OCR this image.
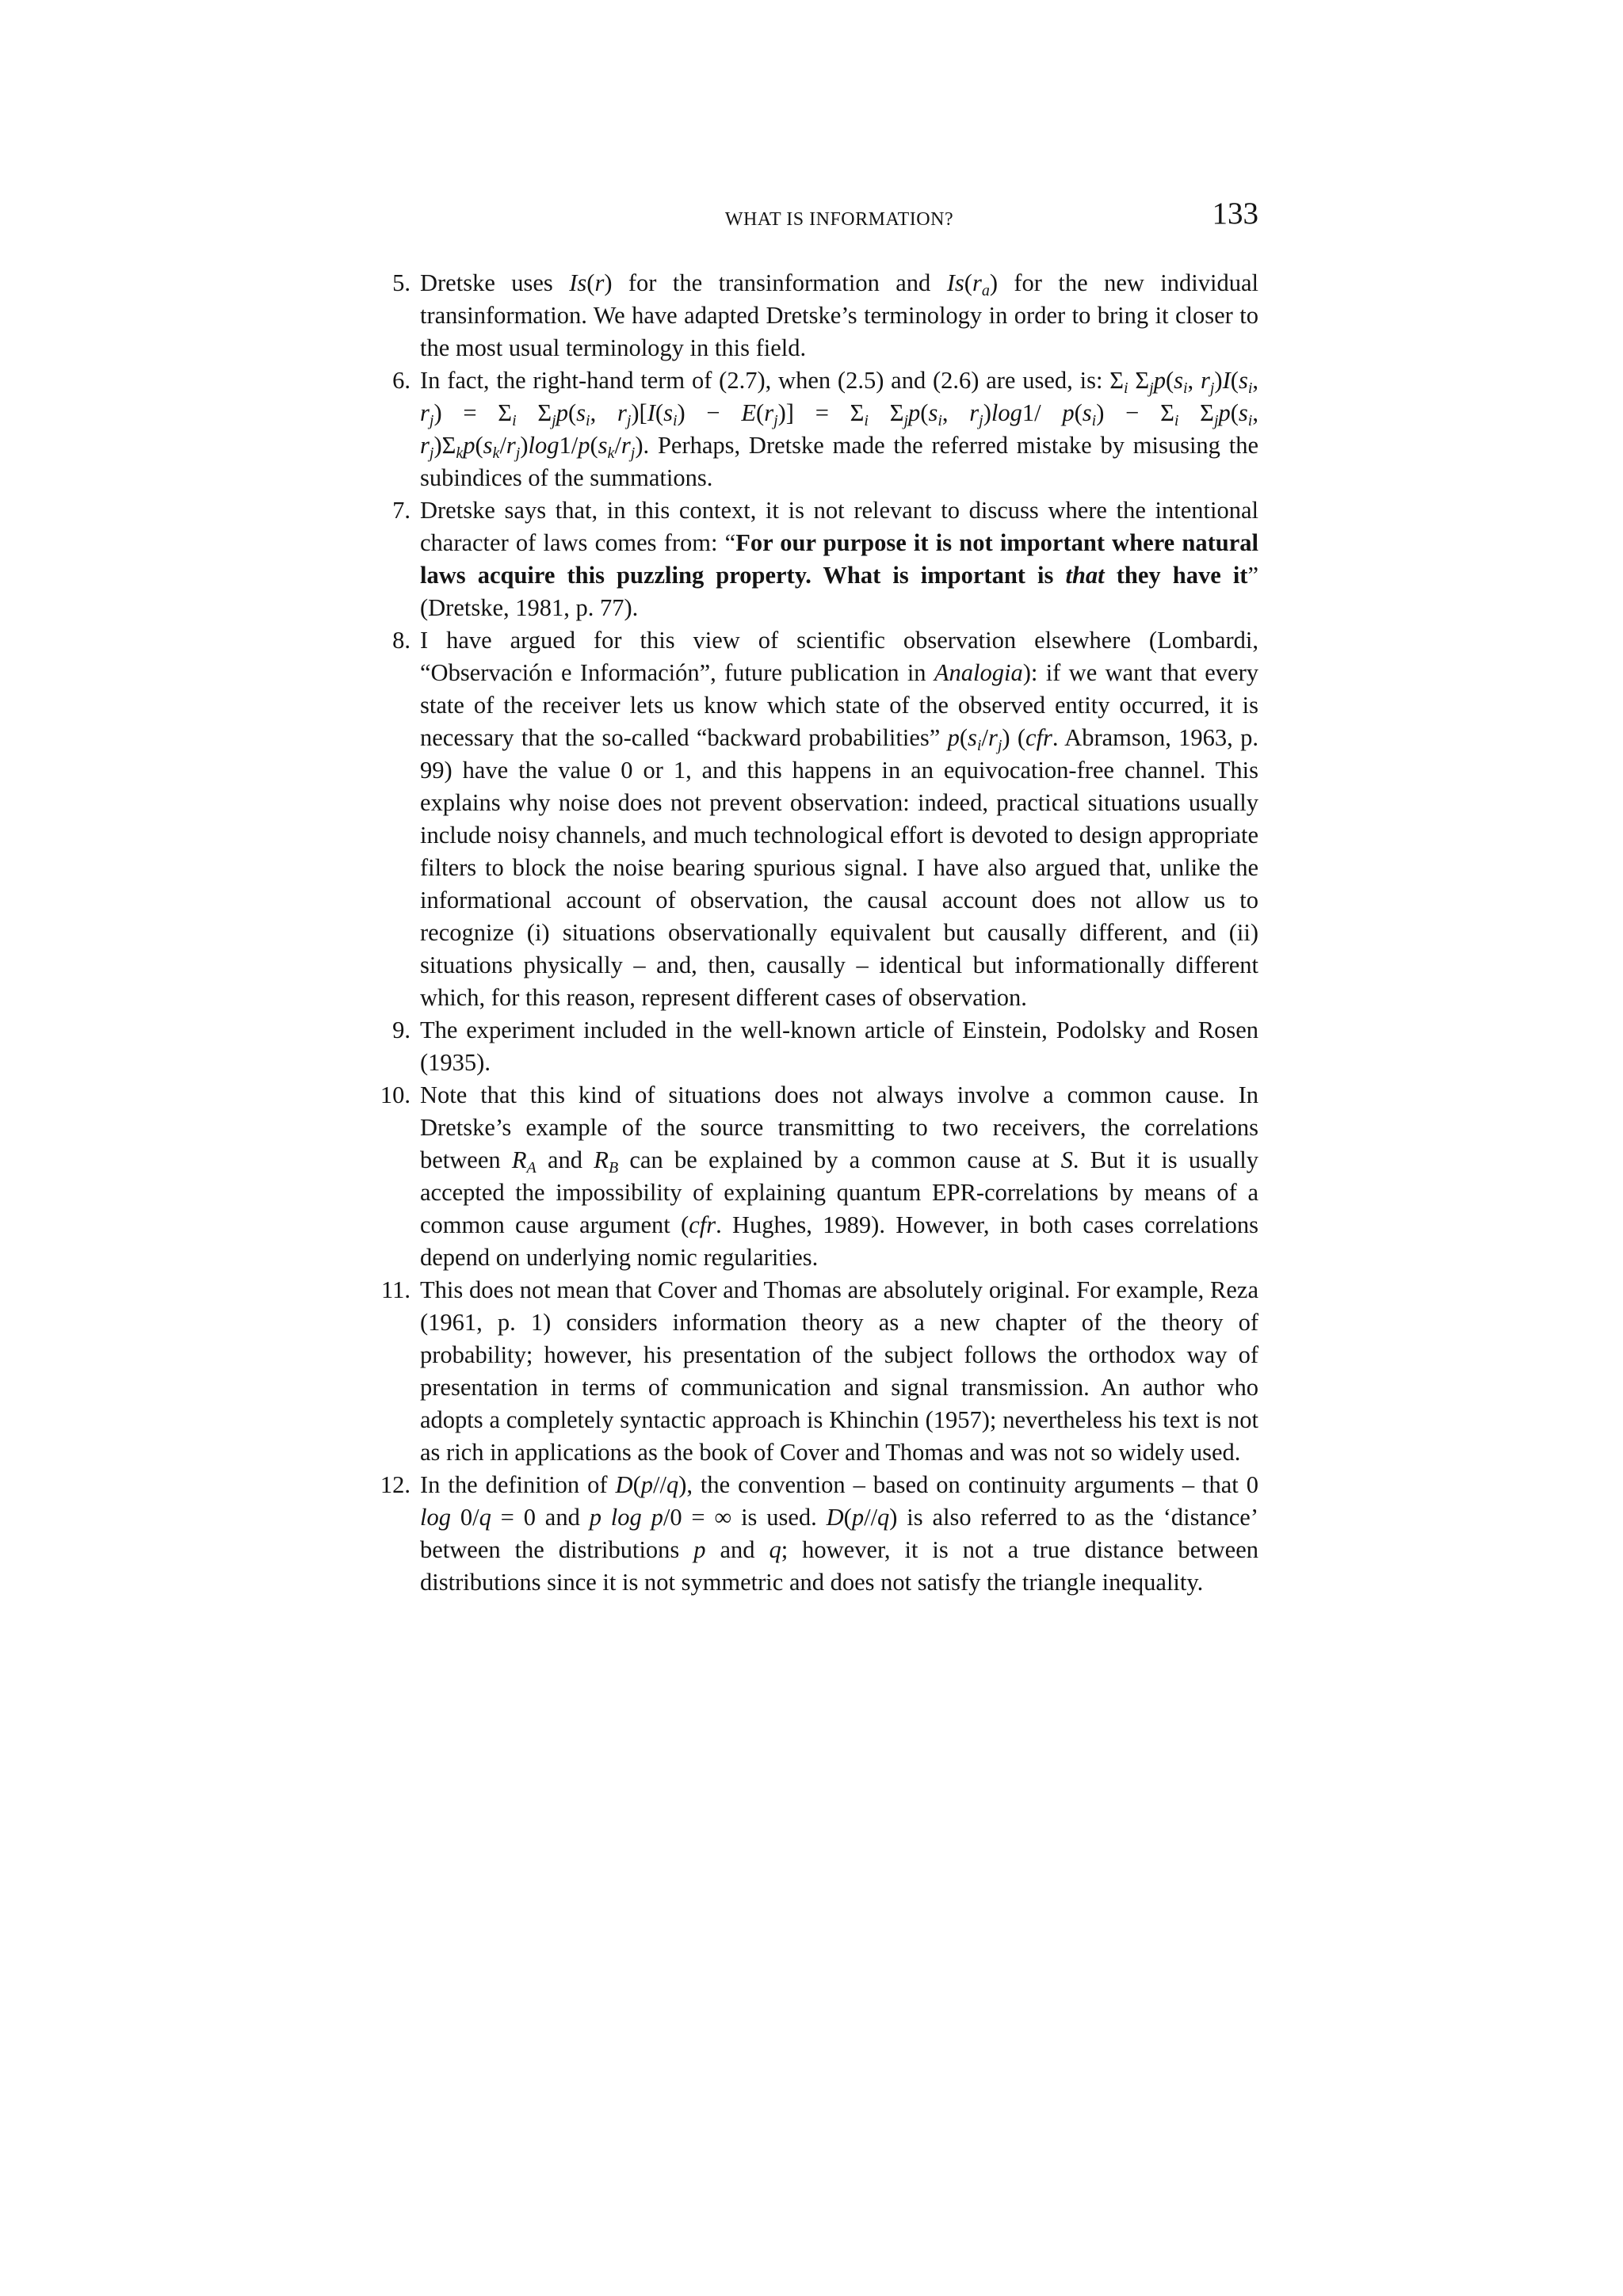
WHAT IS INFORMATION?	133
5. Dretske uses Is(r) for the transinformation and $Is(r_a)$ for the new individual transinformation. We have adapted Dretske’s terminology in order to bring it closer to the most usual terminology in this field.
6. In fact, the right-hand term of (2.7), when (2.5) and (2.6) are used, is: $\Sigma_i$ $\Sigma_jp(s_i$, $r_j)I(s_i$, $r_j) = \Sigma_i$ $\Sigma_jp(s_i$, $r_j)[I(s_i) - E(r_j)] = \Sigma_i$ $\Sigma_jp(s_i$, $r_j)\log 1/$ $p(s_i) - \Sigma_i$ $\Sigma_jp(s_i$, $r_j)\Sigma_kp(s_k/r_j)\log 1/p(s_k/r_j)$. Perhaps, Dretske made the referred mistake by misusing the subindices of the summations.
7. Dretske says that, in this context, it is not relevant to discuss where the intentional character of laws comes from: “For our purpose it is not important where natural laws acquire this puzzling property. What is important is that they have it” (Dretske, 1981, p. 77).
8. I have argued for this view of scientific observation elsewhere (Lombardi, “Observación e Información”, future publication in Analogia): if we want that every state of the receiver lets us know which state of the observed entity occurred, it is necessary that the so-called “backward probabilities” $p(s_i/r_j)$ (cfr. Abramson, 1963, p. 99) have the value 0 or 1, and this happens in an equivocation-free channel. This explains why noise does not prevent observation: indeed, practical situations usually include noisy channels, and much technological effort is devoted to design appropriate filters to block the noise bearing spurious signal. I have also argued that, unlike the informational account of observation, the causal account does not allow us to recognize (i) situations observationally equivalent but causally different, and (ii) situations physically – and, then, causally – identical but informationally different which, for this reason, represent different cases of observation.
9. The experiment included in the well-known article of Einstein, Podolsky and Rosen (1935).
10. Note that this kind of situations does not always involve a common cause. In Dretske’s example of the source transmitting to two receivers, the correlations between $R_A$ and $R_B$ can be explained by a common cause at S. But it is usually accepted the impossibility of explaining quantum EPR-correlations by means of a common cause argument (cfr. Hughes, 1989). However, in both cases correlations depend on underlying nomic regularities.
11. This does not mean that Cover and Thomas are absolutely original. For example, Reza (1961, p. 1) considers information theory as a new chapter of the theory of probability; however, his presentation of the subject follows the orthodox way of presentation in terms of communication and signal transmission. An author who adopts a completely syntactic approach is Khinchin (1957); nevertheless his text is not as rich in applications as the book of Cover and Thomas and was not so widely used.
12. In the definition of D(p//q), the convention – based on continuity arguments – that 0 log 0/q = 0 and p log p/0 = ∞ is used. D(p//q) is also referred to as the ‘distance’ between the distributions p and q; however, it is not a true distance between distributions since it is not symmetric and does not satisfy the triangle inequality.
